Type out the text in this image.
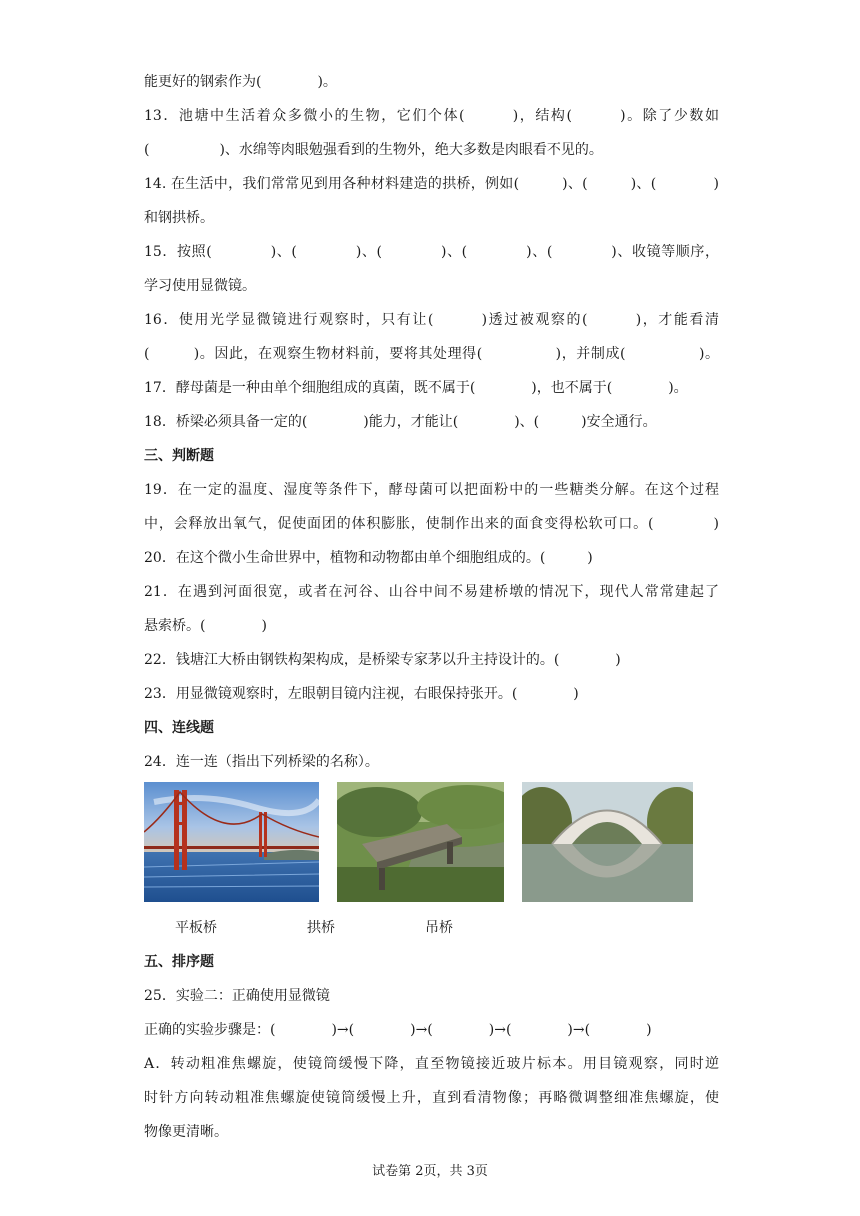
能更好的钢索作为(　　　　)。
13．池塘中生活着众多微小的生物，它们个体(　　　)，结构(　　　)。除了少数如
(　　　　　)、水绵等肉眼勉强看到的生物外，绝大多数是肉眼看不见的。
14. 在生活中，我们常常见到用各种材料建造的拱桥，例如(　　　)、(　　　)、(　　　　)
和钢拱桥。
15．按照(　　　　)、(　　　　)、(　　　　)、(　　　　)、(　　　　)、收镜等顺序，
学习使用显微镜。
16．使用光学显微镜进行观察时，只有让(　　　)透过被观察的(　　　)，才能看清
(　　　)。因此，在观察生物材料前，要将其处理得(　　　　　)，并制成(　　　　　)。
17．酵母菌是一种由单个细胞组成的真菌，既不属于(　　　　)，也不属于(　　　　)。
18．桥梁必须具备一定的(　　　　)能力，才能让(　　　　)、(　　　)安全通行。
三、判断题
19．在一定的温度、湿度等条件下，酵母菌可以把面粉中的一些糖类分解。在这个过程
中，会释放出氧气，促使面团的体积膨胀，使制作出来的面食变得松软可口。(　　　　)
20．在这个微小生命世界中，植物和动物都由单个细胞组成的。(　　　)
21．在遇到河面很宽，或者在河谷、山谷中间不易建桥墩的情况下，现代人常常建起了
悬索桥。(　　　　)
22．钱塘江大桥由钢铁构架构成，是桥梁专家茅以升主持设计的。(　　　　)
23．用显微镜观察时，左眼朝目镜内注视，右眼保持张开。(　　　　)
四、连线题
24．连一连（指出下列桥梁的名称）。
平板桥	拱桥	吊桥
五、排序题
25．实验二：正确使用显微镜
正确的实验步骤是：(　　　　)→(　　　　)→(　　　　)→(　　　　)→(　　　　)
A．转动粗准焦螺旋，使镜筒缓慢下降，直至物镜接近玻片标本。用目镜观察，同时逆
时针方向转动粗准焦螺旋使镜筒缓慢上升，直到看清物像；再略微调整细准焦螺旋，使
物像更清晰。
试卷第 2页，共 3页
